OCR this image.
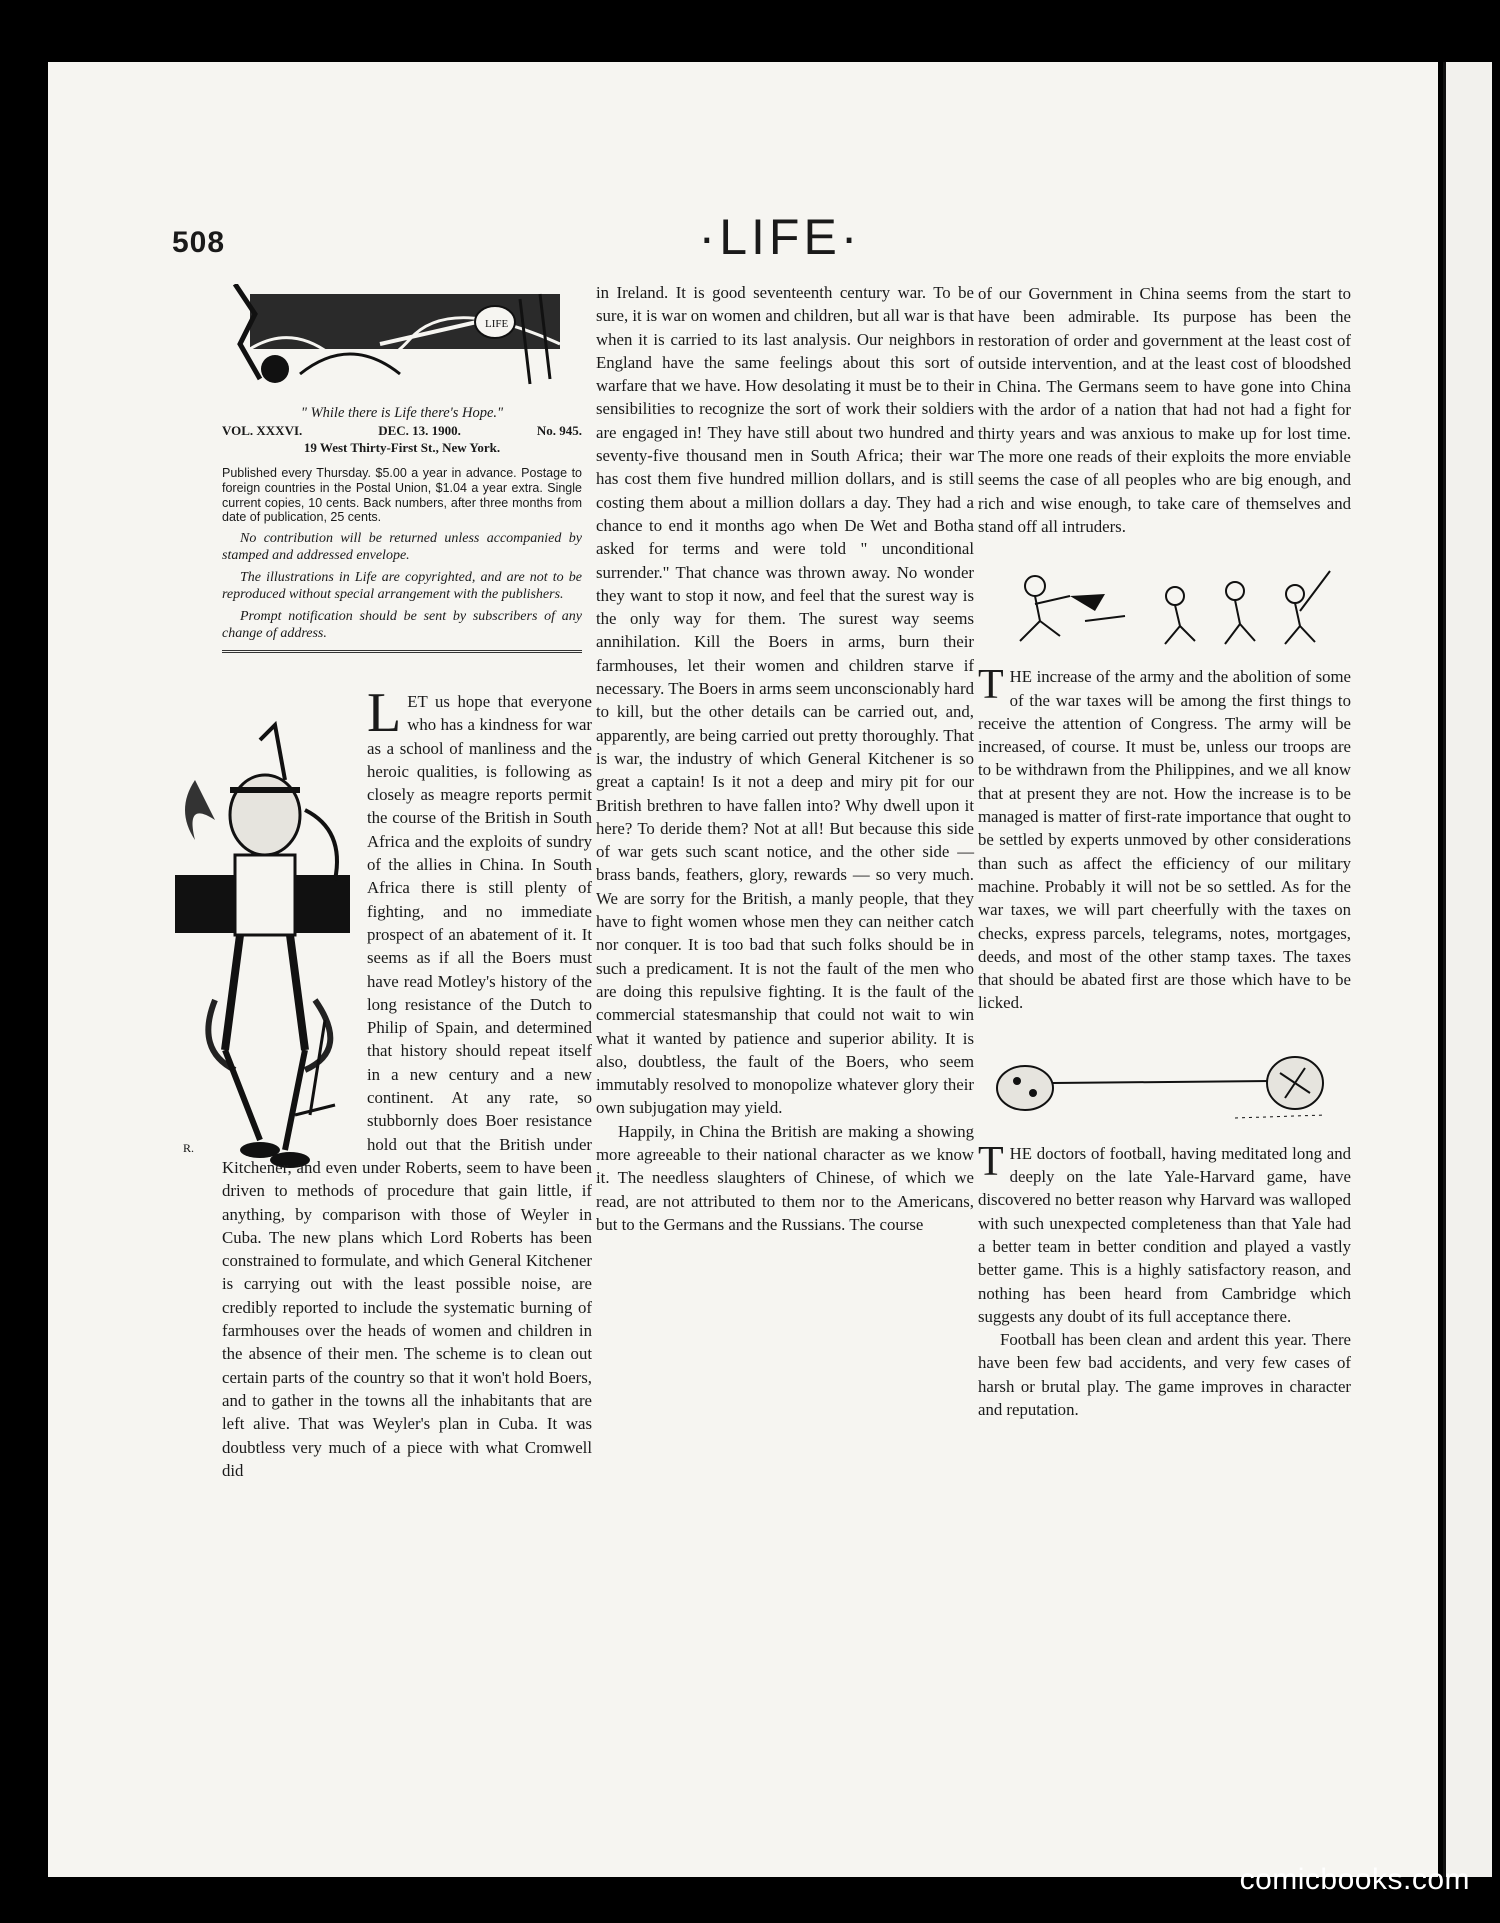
508	·LIFE·
LIFE
" While there is Life there's Hope."
VOL. XXXVI.	DEC. 13. 1900.	No. 945.
19 West Thirty-First St., New York.
Published every Thursday. $5.00 a year in advance. Postage to foreign countries in the Postal Union, $1.04 a year extra. Single current copies, 10 cents. Back numbers, after three months from date of publication, 25 cents.
No contribution will be returned unless accompanied by stamped and addressed envelope.
The illustrations in Life are copyrighted, and are not to be reproduced without special arrangement with the publishers.
Prompt notification should be sent by subscribers of any change of address.
R.

LET us hope that everyone who has a kindness for war as a school of manliness and the heroic qualities, is following as closely as meagre reports permit the course of the British in South Africa and the exploits of sundry of the allies in China. In South Africa there is still plenty of fighting, and no immediate prospect of an abatement of it. It seems as if all the Boers must have read Motley's history of the long resistance of the Dutch to Philip of Spain, and determined that history should repeat itself in a new century and a new continent. At any rate, so stubbornly does Boer resistance hold out that the British under Kitchener, and even under Roberts, seem to have been driven to methods of procedure that gain little, if anything, by comparison with those of Weyler in Cuba. The new plans which Lord Roberts has been constrained to formulate, and which General Kitchener is carrying out with the least possible noise, are credibly reported to include the systematic burning of farmhouses over the heads of women and children in the absence of their men. The scheme is to clean out certain parts of the country so that it won't hold Boers, and to gather in the towns all the inhabitants that are left alive. That was Weyler's plan in Cuba. It was doubtless very much of a piece with what Cromwell did

in Ireland. It is good seventeenth century war. To be sure, it is war on women and children, but all war is that when it is carried to its last analysis. Our neighbors in England have the same feelings about this sort of warfare that we have. How desolating it must be to their sensibilities to recognize the sort of work their soldiers are engaged in! They have still about two hundred and seventy-five thousand men in South Africa; their war has cost them five hundred million dollars, and is still costing them about a million dollars a day. They had a chance to end it months ago when De Wet and Botha asked for terms and were told " unconditional surrender." That chance was thrown away. No wonder they want to stop it now, and feel that the surest way is the only way for them. The surest way seems annihilation. Kill the Boers in arms, burn their farmhouses, let their women and children starve if necessary. The Boers in arms seem unconscionably hard to kill, but the other details can be carried out, and, apparently, are being carried out pretty thoroughly. That is war, the industry of which General Kitchener is so great a captain! Is it not a deep and miry pit for our British brethren to have fallen into? Why dwell upon it here? To deride them? Not at all! But because this side of war gets such scant notice, and the other side — brass bands, feathers, glory, rewards — so very much. We are sorry for the British, a manly people, that they have to fight women whose men they can neither catch nor conquer. It is too bad that such folks should be in such a predicament. It is not the fault of the men who are doing this repulsive fighting. It is the fault of the commercial statesmanship that could not wait to win what it wanted by patience and superior ability. It is also, doubtless, the fault of the Boers, who seem immutably resolved to monopolize whatever glory their own subjugation may yield.

Happily, in China the British are making a showing more agreeable to their national character as we know it. The needless slaughters of Chinese, of which we read, are not attributed to them nor to the Americans, but to the Germans and the Russians. The course

of our Government in China seems from the start to have been admirable. Its purpose has been the restoration of order and government at the least cost of outside intervention, and at the least cost of bloodshed in China. The Germans seem to have gone into China with the ardor of a nation that had not had a fight for thirty years and was anxious to make up for lost time. The more one reads of their exploits the more enviable seems the case of all peoples who are big enough, and rich and wise enough, to take care of themselves and stand off all intruders.

THE increase of the army and the abolition of some of the war taxes will be among the first things to receive the attention of Congress. The army will be increased, of course. It must be, unless our troops are to be withdrawn from the Philippines, and we all know that at present they are not. How the increase is to be managed is matter of first-rate importance that ought to be settled by experts unmoved by other considerations than such as affect the efficiency of our military machine. Probably it will not be so settled. As for the war taxes, we will part cheerfully with the taxes on checks, express parcels, telegrams, notes, mortgages, deeds, and most of the other stamp taxes. The taxes that should be abated first are those which have to be licked.

THE doctors of football, having meditated long and deeply on the late Yale-Harvard game, have discovered no better reason why Harvard was walloped with such unexpected completeness than that Yale had a better team in better condition and played a vastly better game. This is a highly satisfactory reason, and nothing has been heard from Cambridge which suggests any doubt of its full acceptance there.

Football has been clean and ardent this year. There have been few bad accidents, and very few cases of harsh or brutal play. The game improves in character and reputation.

comicbooks.com
